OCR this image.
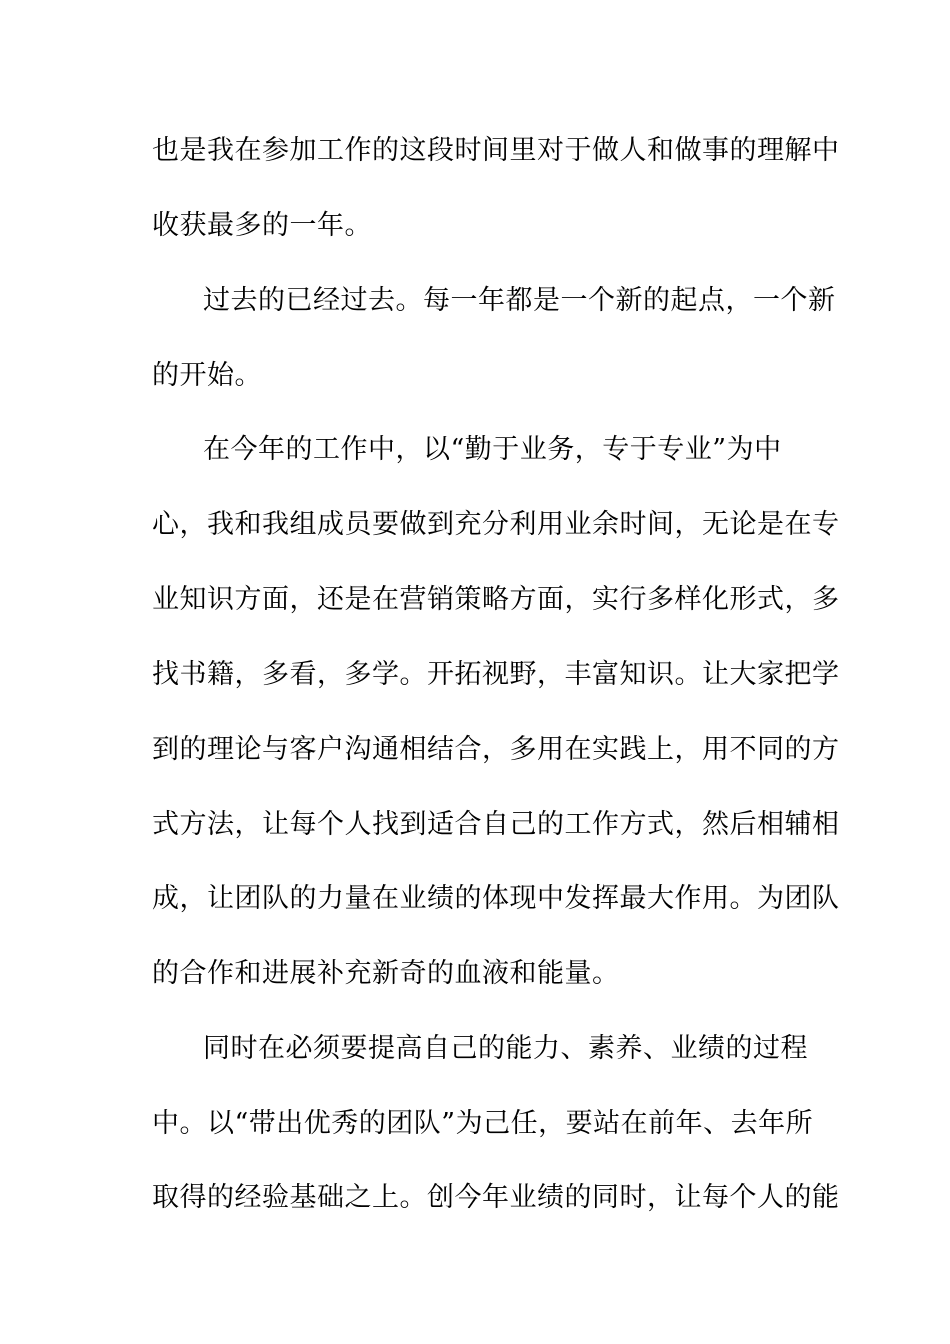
也是我在参加工作的这段时间里对于做人和做事的理解中
收获最多的一年。
过去的已经过去。每一年都是一个新的起点，一个新
的开始。
在今年的工作中，以“勤于业务，专于专业”为中
心，我和我组成员要做到充分利用业余时间，无论是在专
业知识方面，还是在营销策略方面，实行多样化形式，多
找书籍，多看，多学。开拓视野，丰富知识。让大家把学
到的理论与客户沟通相结合，多用在实践上，用不同的方
式方法，让每个人找到适合自己的工作方式，然后相辅相
成，让团队的力量在业绩的体现中发挥最大作用。为团队
的合作和进展补充新奇的血液和能量。
同时在必须要提高自己的能力、素养、业绩的过程
中。以“带出优秀的团队”为己任，要站在前年、去年所
取得的经验基础之上。创今年业绩的同时，让每个人的能
